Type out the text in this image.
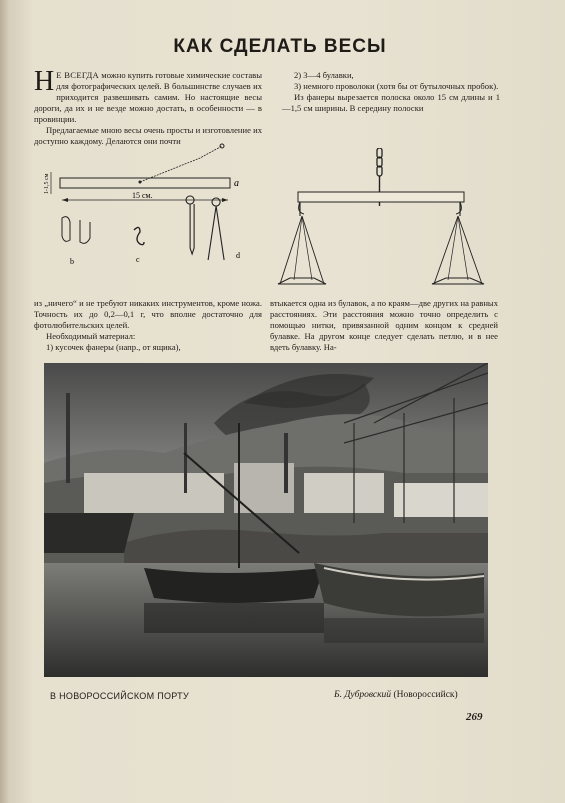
КАК СДЕЛАТЬ ВЕСЫ

Н Е ВСЕГДА можно купить готовые химические составы для фотографических целей. В большинстве случаев их приходится развешивать самим. Но настоящие весы дороги, да их и не везде можно достать, в особенности — в провинции.

Предлагаемые мною весы очень просты и изготовление их доступно каждому. Делаются они почти

2) 3—4 булавки,

3) немного проволоки (хотя бы от бутылочных пробок).

Из фанеры вырезается полоска около 15 см длины и 1—1,5 см ширины. В середину полоски

a
1-1,5 см
15 см.
b	c	d

из „ничего“ и не требуют никаких инструментов, кроме ножа. Точность их до 0,2—0,1 г, что вполне достаточно для фотолюбительских целей.

Необходимый материал:

1) кусочек фанеры (напр., от ящика),

втыкается одна из булавок, а по краям—две других на равных расстояниях. Эти расстояния можно точно определить с помощью нитки, привязанной одним концом к средней булавке. На другом конце следует сделать петлю, и в нее вдеть булавку. На-

В НОВОРОССИЙСКОМ ПОРТУ	Б. Дубровский (Новороссийск)
269
